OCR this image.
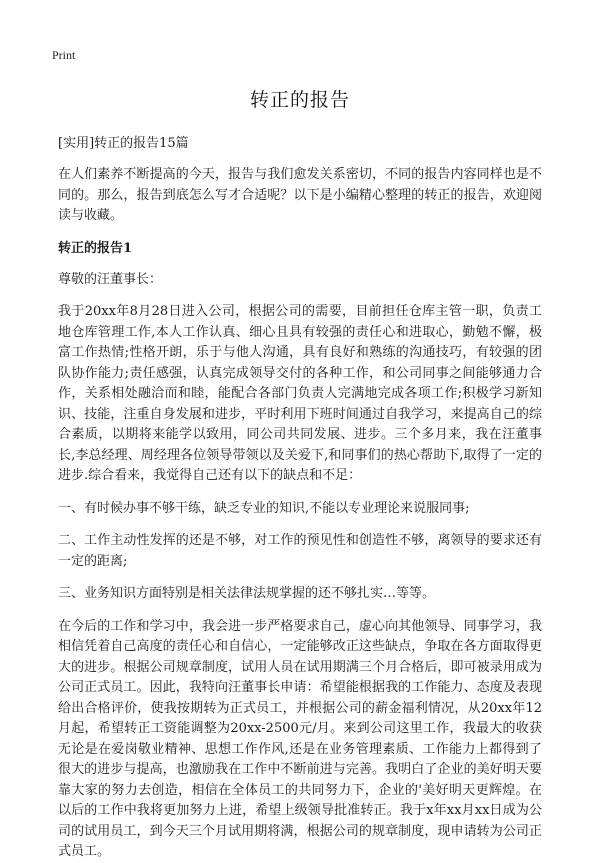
Print
转正的报告
[实用]转正的报告15篇

在人们素养不断提高的今天，报告与我们愈发关系密切，不同的报告内容同样也是不同的。那么，报告到底怎么写才合适呢？以下是小编精心整理的转正的报告，欢迎阅读与收藏。

转正的报告1

尊敬的汪董事长：

我于20xx年8月28日进入公司，根据公司的需要，目前担任仓库主管一职，负责工地仓库管理工作,本人工作认真、细心且具有较强的责任心和进取心，勤勉不懈，极富工作热情;性格开朗，乐于与他人沟通，具有良好和熟练的沟通技巧，有较强的团队协作能力;责任感强，认真完成领导交付的各种工作，和公司同事之间能够通力合作，关系相处融洽而和睦，能配合各部门负责人完满地完成各项工作;积极学习新知识、技能，注重自身发展和进步，平时利用下班时间通过自我学习，来提高自己的综合素质，以期将来能学以致用，同公司共同发展、进步。三个多月来，我在汪董事长,李总经理、周经理各位领导带领以及关爱下,和同事们的热心帮助下,取得了一定的进步.综合看来，我觉得自己还有以下的缺点和不足：

一、有时候办事不够干练，缺乏专业的知识,不能以专业理论来说服同事;

二、工作主动性发挥的还是不够，对工作的预见性和创造性不够，离领导的要求还有一定的距离;

三、业务知识方面特别是相关法律法规掌握的还不够扎实…等等。

在今后的工作和学习中，我会进一步严格要求自己，虚心向其他领导、同事学习，我相信凭着自己高度的责任心和自信心，一定能够改正这些缺点，争取在各方面取得更大的进步。根据公司规章制度，试用人员在试用期满三个月合格后，即可被录用成为公司正式员工。因此，我特向汪董事长申请：希望能根据我的工作能力、态度及表现给出合格评价，使我按期转为正式员工，并根据公司的薪金福利情况，从20xx年12月起，希望转正工资能调整为20xx-2500元/月。来到公司这里工作，我最大的收获无论是在爱岗敬业精神、思想工作作风,还是在业务管理素质、工作能力上都得到了很大的进步与提高，也激励我在工作中不断前进与完善。我明白了企业的美好明天要靠大家的努力去创造，相信在全体员工的共同努力下，企业的'美好明天更辉煌。在以后的工作中我将更加努力上进，希望上级领导批准转正。我于x年xx月xx日成为公司的试用员工，到今天三个月试用期将满，根据公司的规章制度，现申请转为公司正式员工。
